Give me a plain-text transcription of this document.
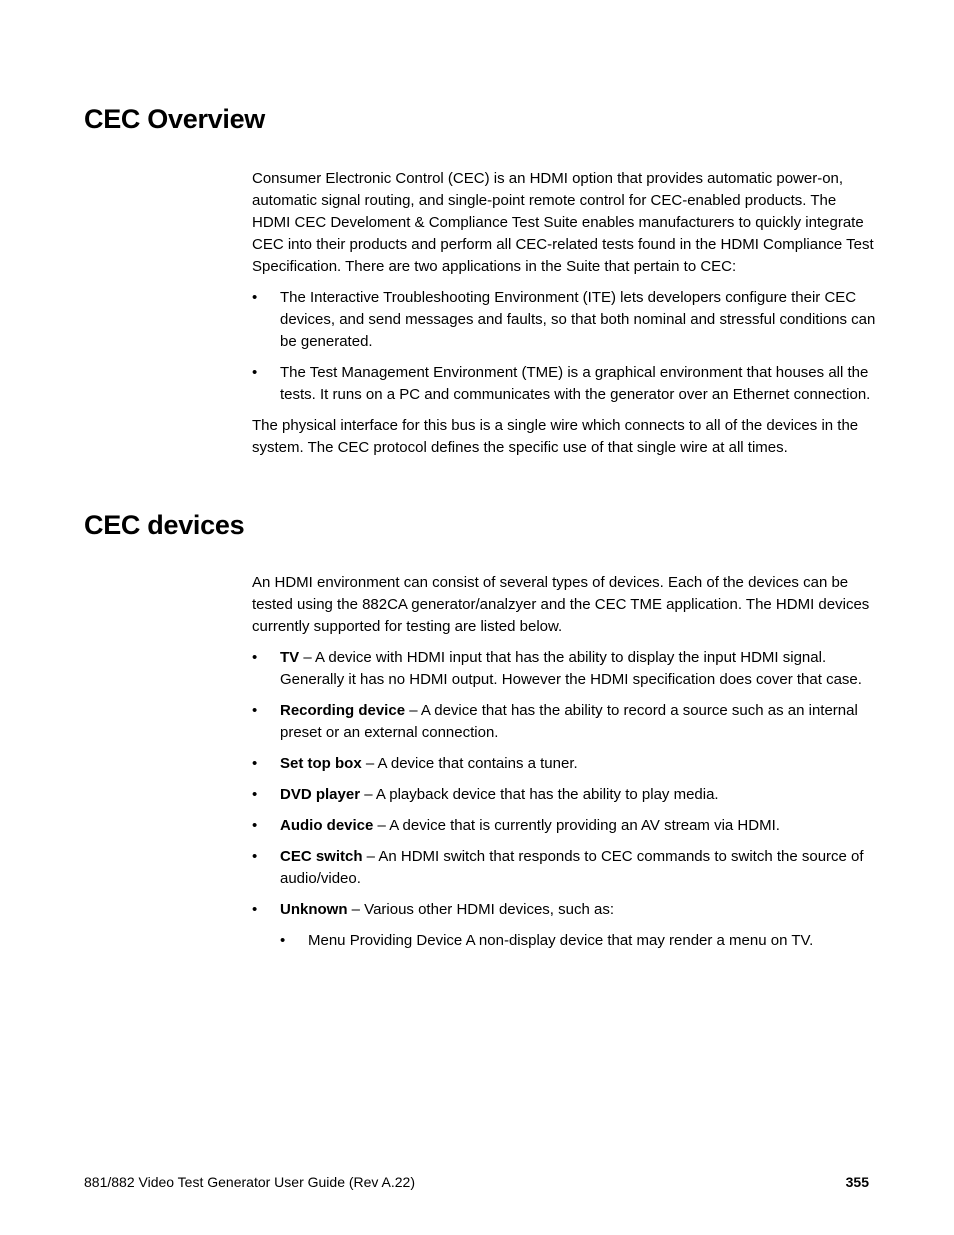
CEC Overview

Consumer Electronic Control (CEC) is an HDMI option that provides automatic power-on, automatic signal routing, and single-point remote control for CEC-enabled products. The HDMI CEC Develoment & Compliance Test Suite enables manufacturers to quickly integrate CEC into their products and perform all CEC-related tests found in the HDMI Compliance Test Specification. There are two applications in the Suite that pertain to CEC:

• The Interactive Troubleshooting Environment (ITE) lets developers configure their CEC devices, and send messages and faults, so that both nominal and stressful conditions can be generated.
• The Test Management Environment (TME) is a graphical environment that houses all the tests. It runs on a PC and communicates with the generator over an Ethernet connection.

The physical interface for this bus is a single wire which connects to all of the devices in the system. The CEC protocol defines the specific use of that single wire at all times.

CEC devices

An HDMI environment can consist of several types of devices. Each of the devices can be tested using the 882CA generator/analzyer and the CEC TME application. The HDMI devices currently supported for testing are listed below.

• TV – A device with HDMI input that has the ability to display the input HDMI signal. Generally it has no HDMI output. However the HDMI specification does cover that case.
• Recording device – A device that has the ability to record a source such as an internal preset or an external connection.
• Set top box – A device that contains a tuner.
• DVD player – A playback device that has the ability to play media.
• Audio device – A device that is currently providing an AV stream via HDMI.
• CEC switch – An HDMI switch that responds to CEC commands to switch the source of audio/video.
• Unknown – Various other HDMI devices, such as:
• Menu Providing Device A non-display device that may render a menu on TV.
881/882 Video Test Generator User Guide (Rev A.22)	355
